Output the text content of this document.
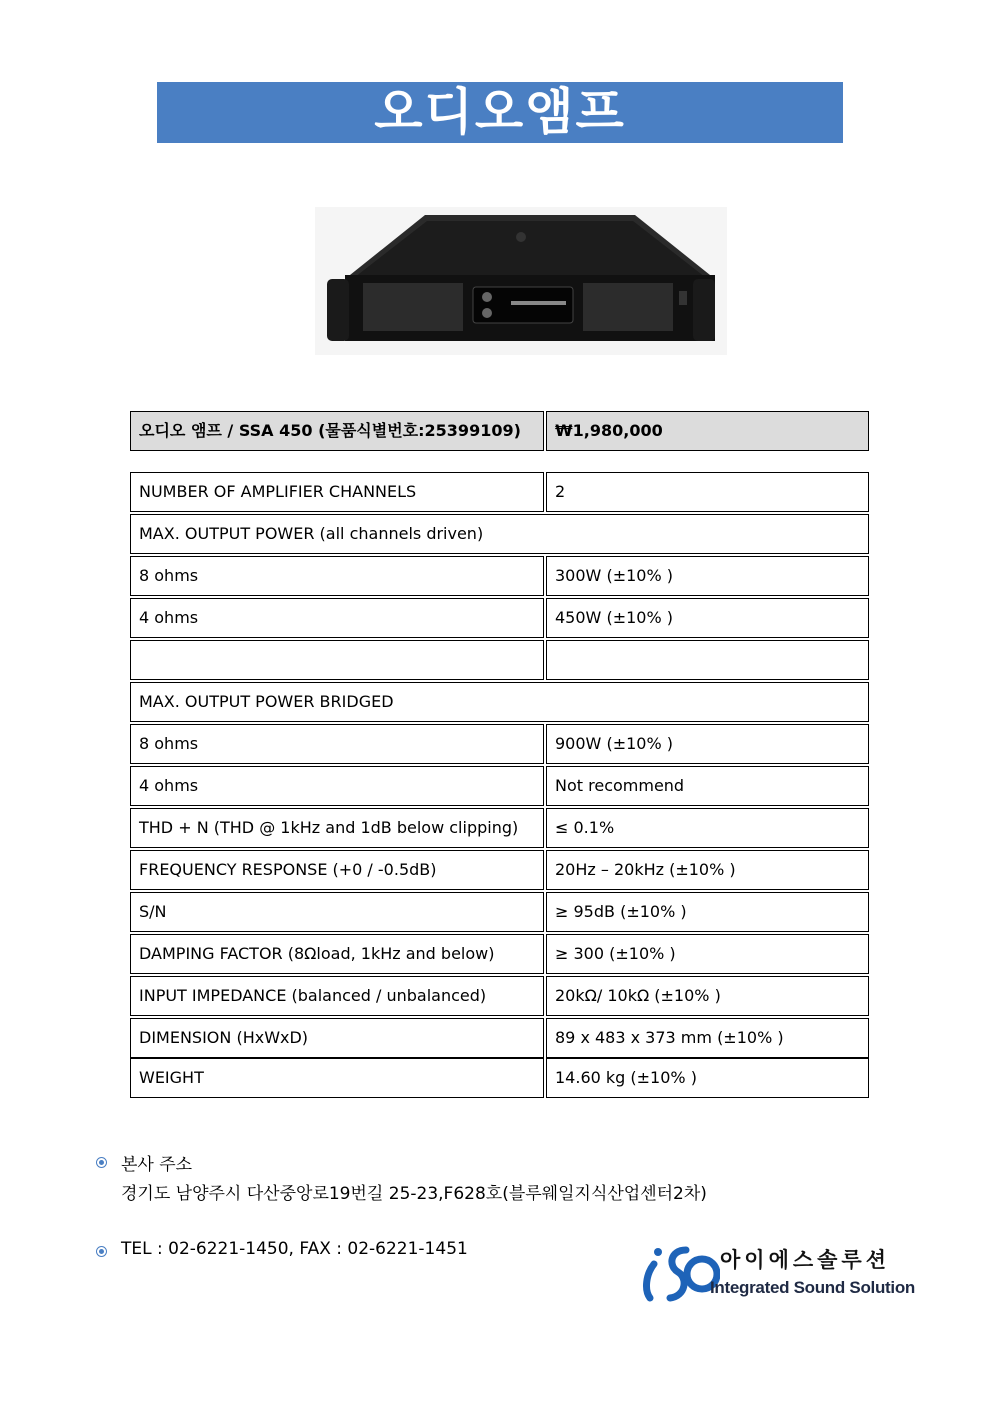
오디오앰프
오디오 앰프 / SSA 450 (물품식별번호:25399109)	₩1,980,000
NUMBER OF AMPLIFIER CHANNELS	2
MAX. OUTPUT POWER (all channels driven)
8 ohms	300W (±10% )
4 ohms	450W (±10% )
MAX. OUTPUT POWER BRIDGED
8 ohms	900W (±10% )
4 ohms	Not recommend
THD + N (THD @ 1kHz and 1dB below clipping)	≤ 0.1%
FREQUENCY RESPONSE (+0 / -0.5dB)	20Hz – 20kHz (±10% )
S/N	≥ 95dB (±10% )
DAMPING FACTOR (8Ωload, 1kHz and below)	≥ 300 (±10% )
INPUT IMPEDANCE (balanced / unbalanced)	20kΩ/ 10kΩ (±10% )
DIMENSION (HxWxD)	89 x 483 x 373 mm (±10% )
WEIGHT	14.60 kg (±10% )
본사 주소
경기도 남양주시 다산중앙로19번길 25-23,F628호(블루웨일지식산업센터2차)
TEL : 02-6221-1450, FAX : 02-6221-1451	아이에스솔루션
Integrated Sound Solution
